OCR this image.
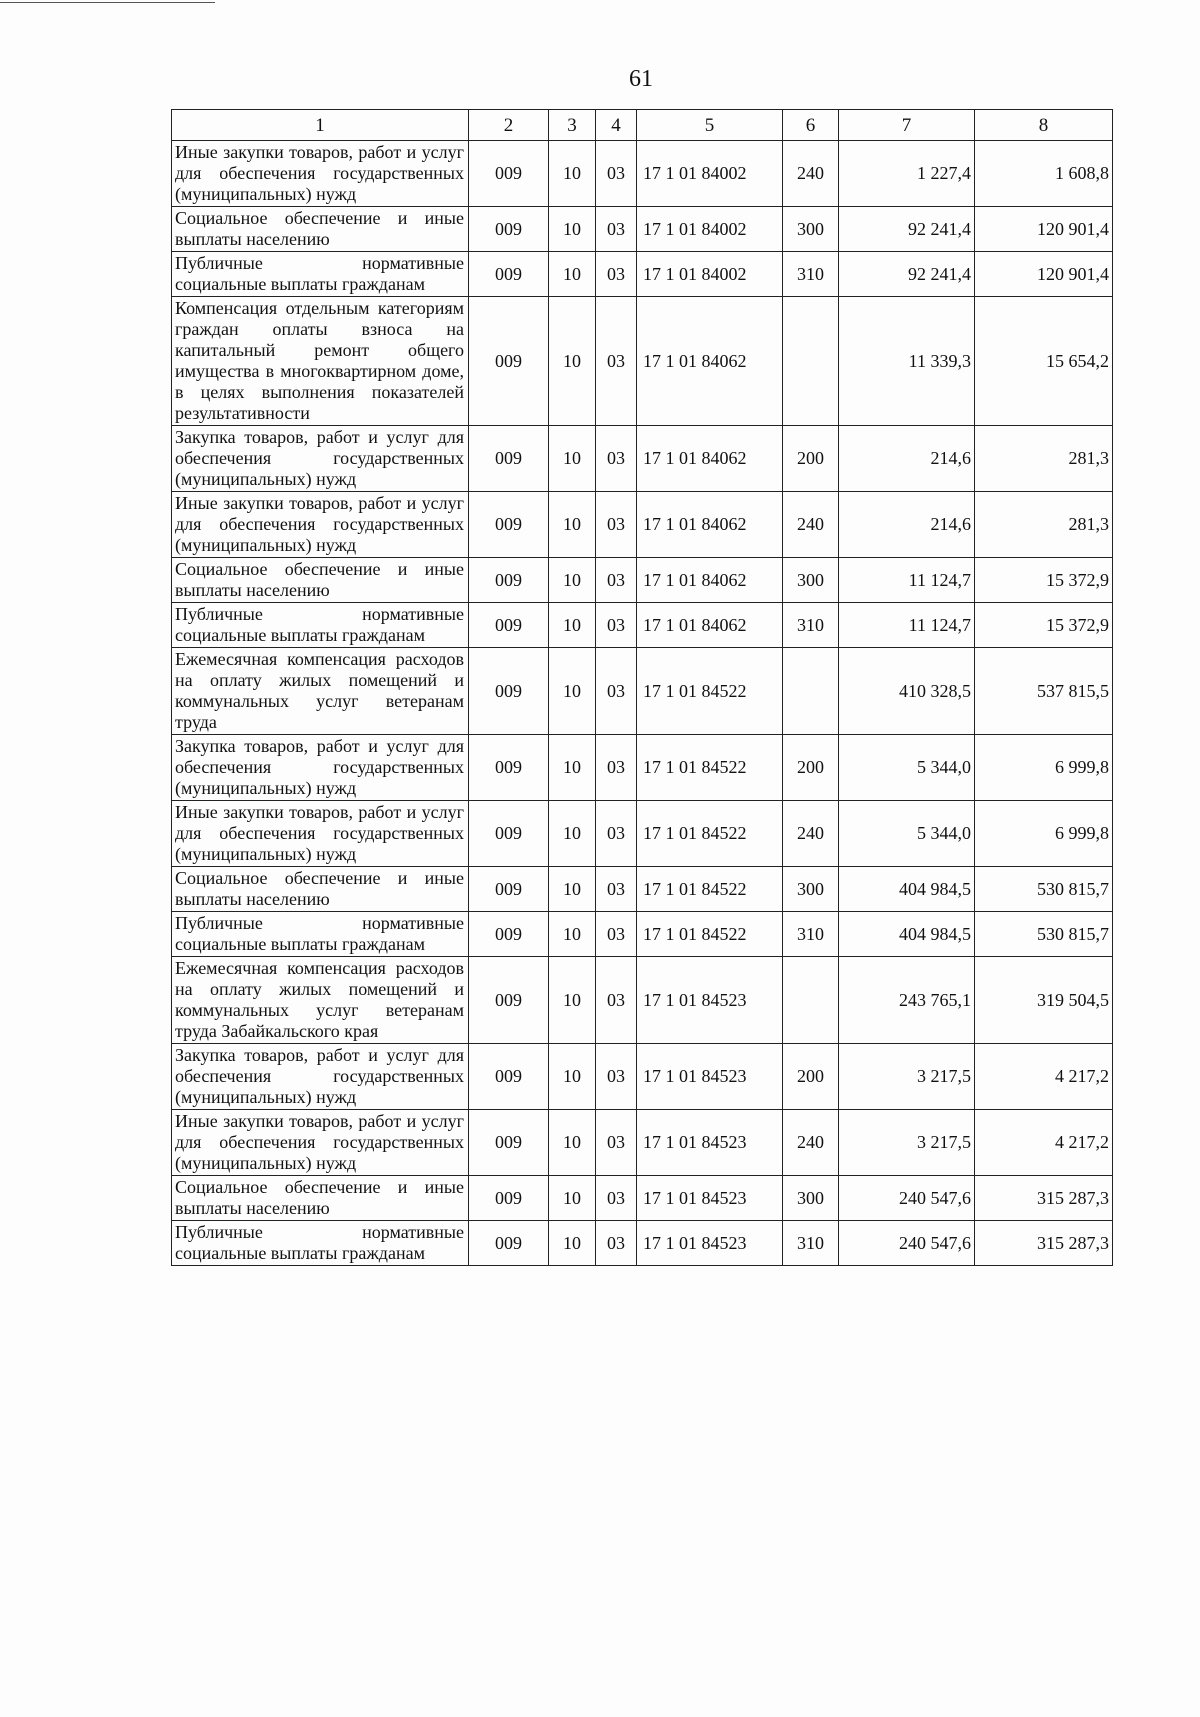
61
1	2	3	4	5	6	7	8
Иные закупки товаров, работ и услуг для обеспечения государственных (муниципальных) нужд	009	10	03	17 1 01 84002	240	1 227,4	1 608,8
Социальное обеспечение и иные выплаты населению	009	10	03	17 1 01 84002	300	92 241,4	120 901,4
Публичные нормативные социальные выплаты гражданам	009	10	03	17 1 01 84002	310	92 241,4	120 901,4
Компенсация отдельным категориям граждан оплаты взноса на капитальный ремонт общего имущества в многоквартирном доме, в целях выполнения показателей результативности	009	10	03	17 1 01 84062		11 339,3	15 654,2
Закупка товаров, работ и услуг для обеспечения государственных (муниципальных) нужд	009	10	03	17 1 01 84062	200	214,6	281,3
Иные закупки товаров, работ и услуг для обеспечения государственных (муниципальных) нужд	009	10	03	17 1 01 84062	240	214,6	281,3
Социальное обеспечение и иные выплаты населению	009	10	03	17 1 01 84062	300	11 124,7	15 372,9
Публичные нормативные социальные выплаты гражданам	009	10	03	17 1 01 84062	310	11 124,7	15 372,9
Ежемесячная компенсация расходов на оплату жилых помещений и коммунальных услуг ветеранам труда	009	10	03	17 1 01 84522		410 328,5	537 815,5
Закупка товаров, работ и услуг для обеспечения государственных (муниципальных) нужд	009	10	03	17 1 01 84522	200	5 344,0	6 999,8
Иные закупки товаров, работ и услуг для обеспечения государственных (муниципальных) нужд	009	10	03	17 1 01 84522	240	5 344,0	6 999,8
Социальное обеспечение и иные выплаты населению	009	10	03	17 1 01 84522	300	404 984,5	530 815,7
Публичные нормативные социальные выплаты гражданам	009	10	03	17 1 01 84522	310	404 984,5	530 815,7
Ежемесячная компенсация расходов на оплату жилых помещений и коммунальных услуг ветеранам труда Забайкальского края	009	10	03	17 1 01 84523		243 765,1	319 504,5
Закупка товаров, работ и услуг для обеспечения государственных (муниципальных) нужд	009	10	03	17 1 01 84523	200	3 217,5	4 217,2
Иные закупки товаров, работ и услуг для обеспечения государственных (муниципальных) нужд	009	10	03	17 1 01 84523	240	3 217,5	4 217,2
Социальное обеспечение и иные выплаты населению	009	10	03	17 1 01 84523	300	240 547,6	315 287,3
Публичные нормативные социальные выплаты гражданам	009	10	03	17 1 01 84523	310	240 547,6	315 287,3
